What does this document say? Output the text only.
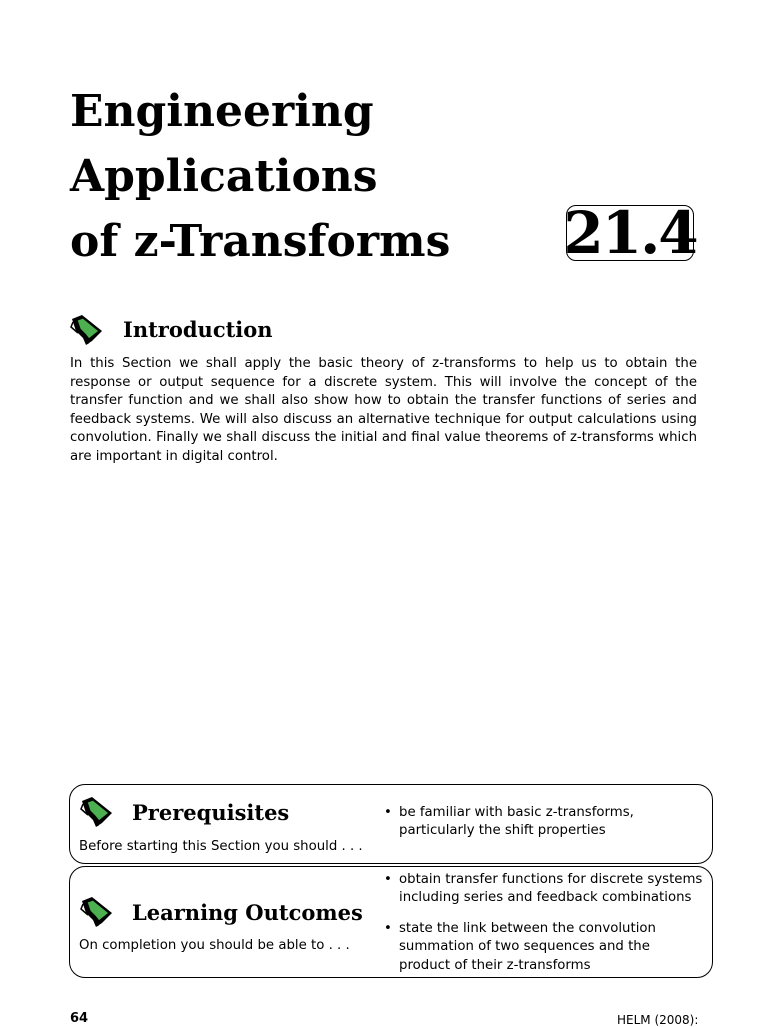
Engineering
Applications
of z-Transforms 21.4
Introduction
In this Section we shall apply the basic theory of z-transforms to help us to obtain the response or output sequence for a discrete system. This will involve the concept of the transfer function and we shall also show how to obtain the transfer functions of series and feedback systems. We will also discuss an alternative technique for output calculations using convolution. Finally we shall discuss the initial and final value theorems of z-transforms which are important in digital control.
Prerequisites
Before starting this Section you should . . .
• be familiar with basic z-transforms, particularly the shift properties
Learning Outcomes
On completion you should be able to . . .
• obtain transfer functions for discrete systems including series and feedback combinations
• state the link between the convolution summation of two sequences and the product of their z-transforms
64	HELM (2008):
